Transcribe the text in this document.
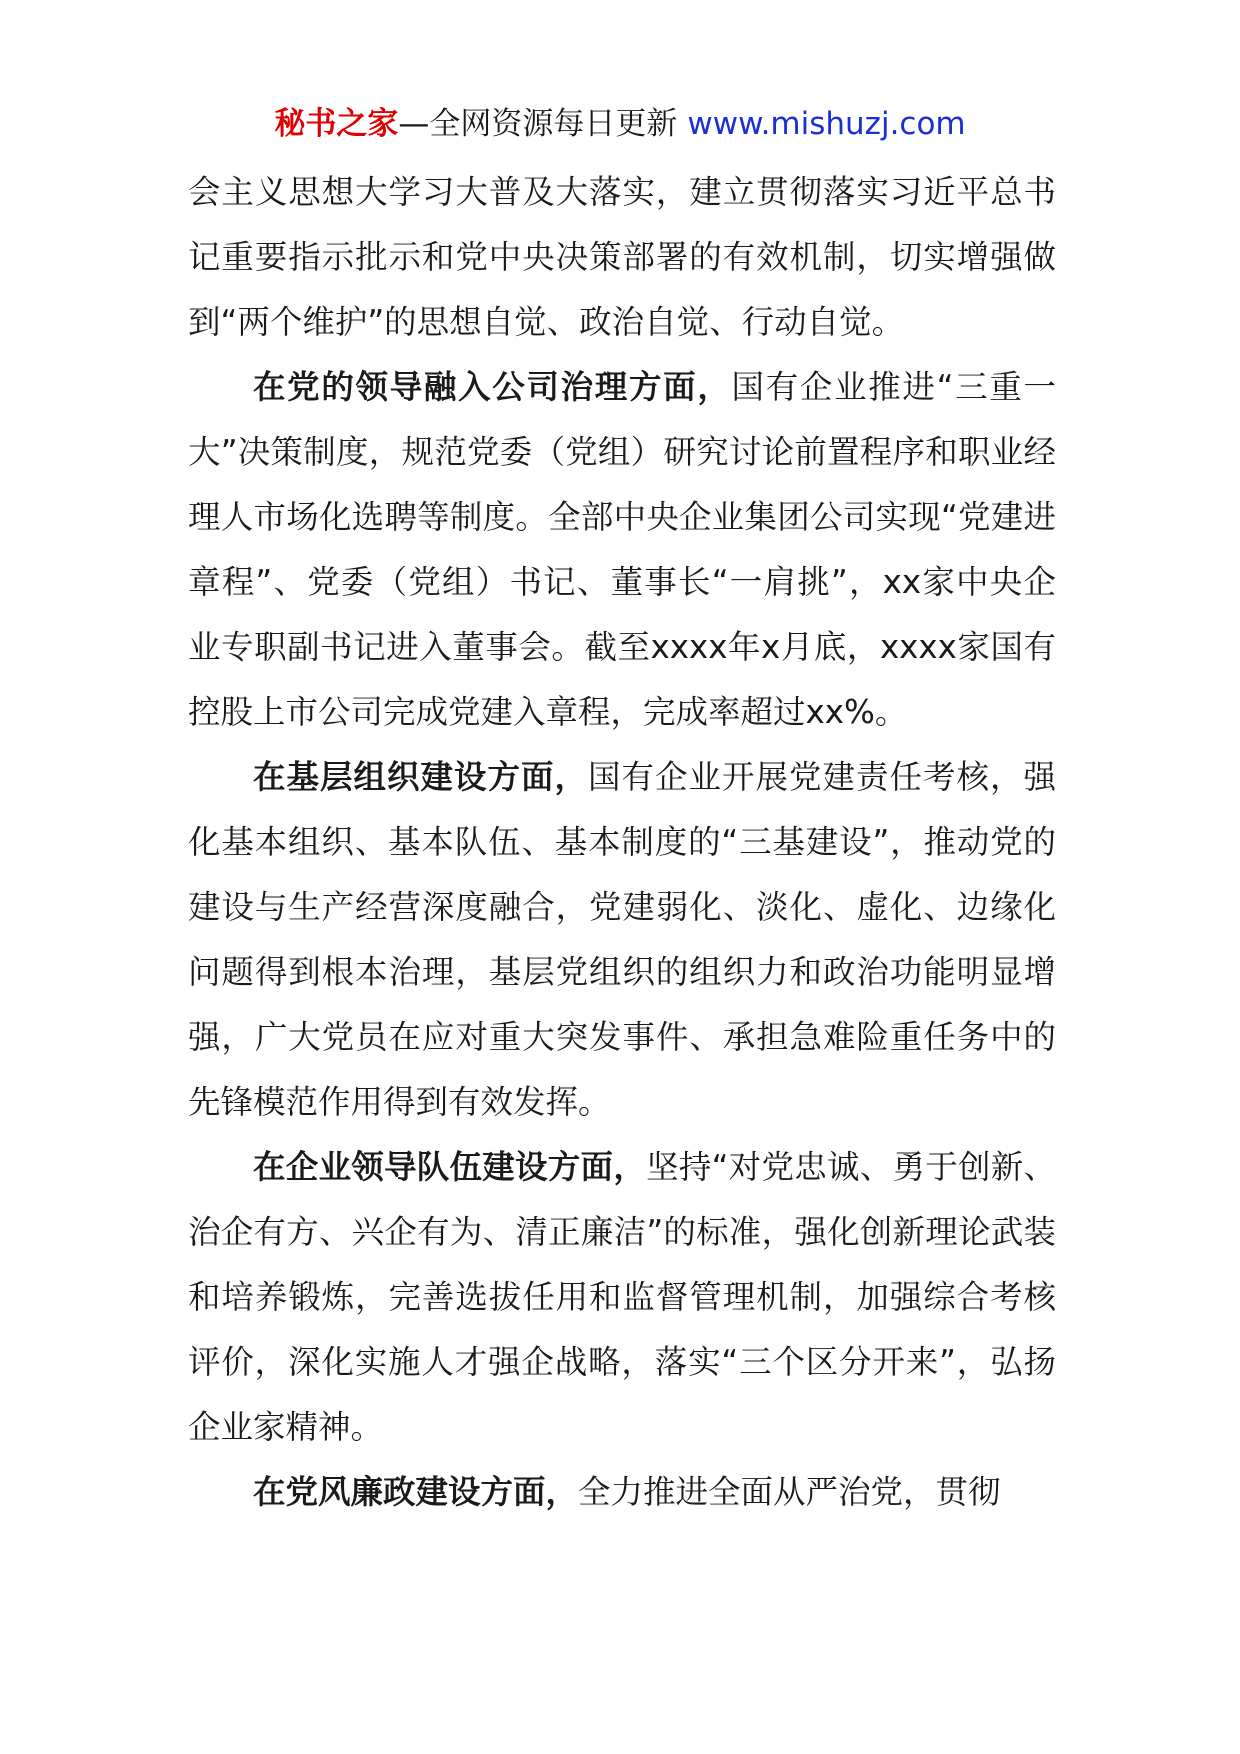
秘书之家—全网资源每日更新 www.mishuzj.com

会主义思想大学习大普及大落实，建立贯彻落实习近平总书记重要指示批示和党中央决策部署的有效机制，切实增强做到“两个维护”的思想自觉、政治自觉、行动自觉。

在党的领导融入公司治理方面，国有企业推进“三重一大”决策制度，规范党委（党组）研究讨论前置程序和职业经理人市场化选聘等制度。全部中央企业集团公司实现“党建进章程”、党委（党组）书记、董事长“一肩挑”，xx家中央企业专职副书记进入董事会。截至xxxx年x月底，xxxx家国有控股上市公司完成党建入章程，完成率超过xx%。

在基层组织建设方面，国有企业开展党建责任考核，强化基本组织、基本队伍、基本制度的“三基建设”，推动党的建设与生产经营深度融合，党建弱化、淡化、虚化、边缘化问题得到根本治理，基层党组织的组织力和政治功能明显增强，广大党员在应对重大突发事件、承担急难险重任务中的先锋模范作用得到有效发挥。

在企业领导队伍建设方面，坚持“对党忠诚、勇于创新、治企有方、兴企有为、清正廉洁”的标准，强化创新理论武装和培养锻炼，完善选拔任用和监督管理机制，加强综合考核评价，深化实施人才强企战略，落实“三个区分开来”，弘扬企业家精神。

在党风廉政建设方面，全力推进全面从严治党，贯彻
